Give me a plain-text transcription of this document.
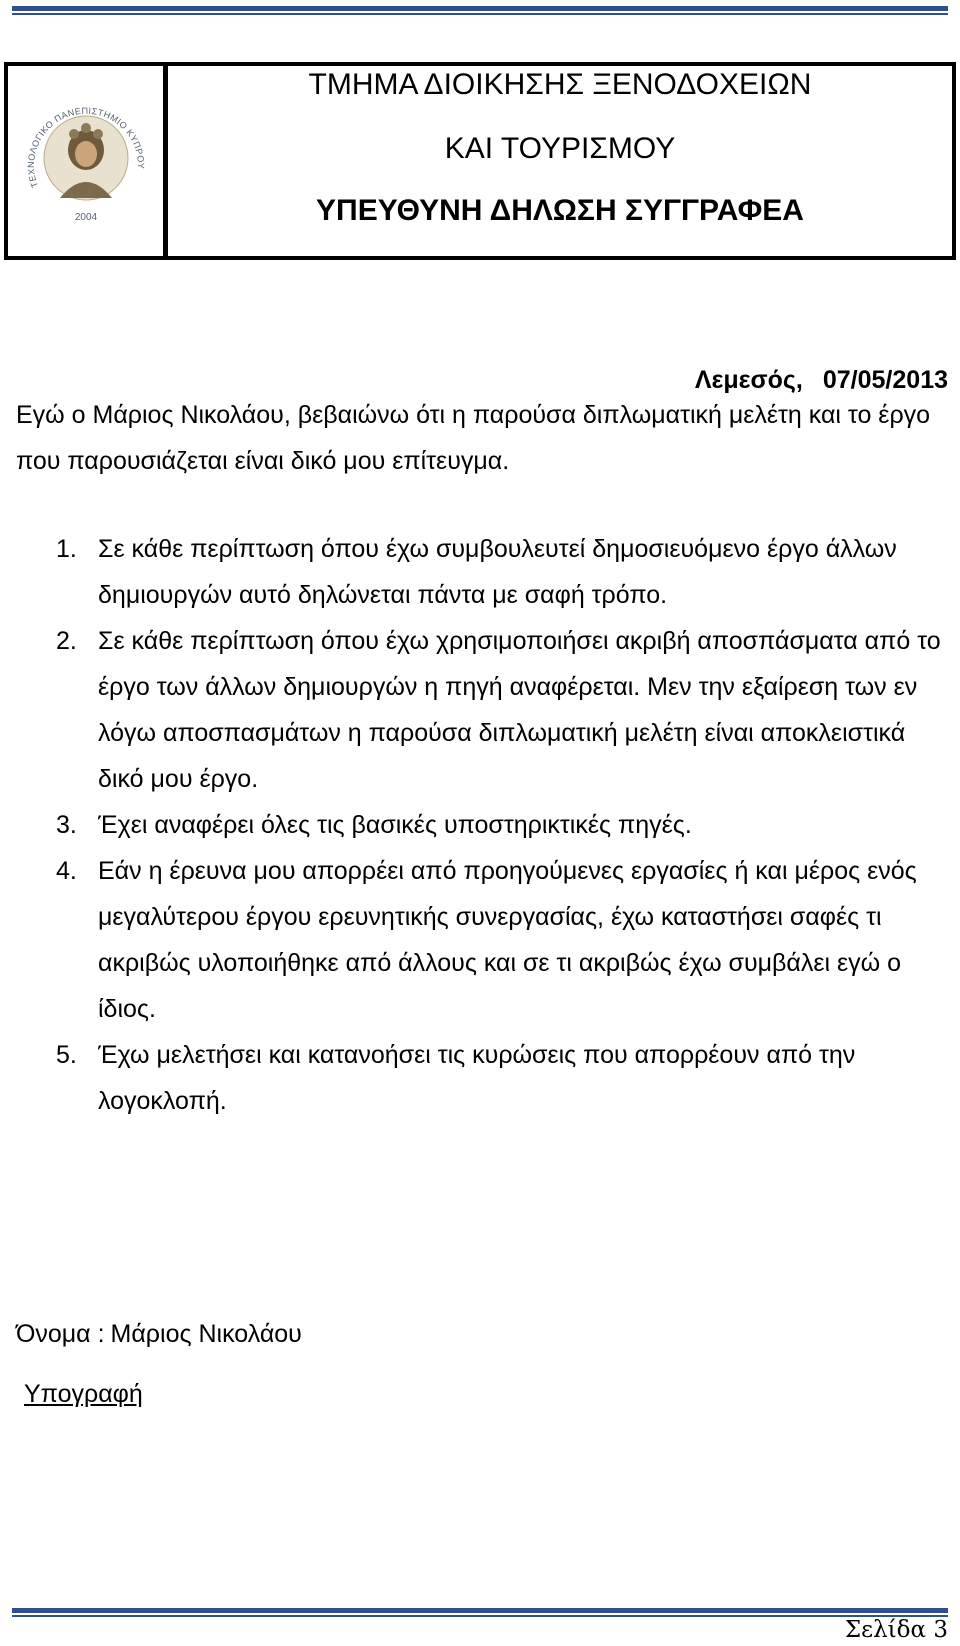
ΤΕΧΝΟΛΟΓΙΚΟ ΠΑΝΕΠΙΣΤΗΜΙΟ ΚΥΠΡΟΥ
2004
ΤΜΗΜΑ ΔΙΟΙΚΗΣΗΣ ΞΕΝΟΔΟΧΕΙΩΝ
ΚΑΙ ΤΟΥΡΙΣΜΟΥ
ΥΠΕΥΘΥΝΗ ΔΗΛΩΣΗ ΣΥΓΓΡΑΦΕΑ
Λεμεσός, 07/05/2013
Εγώ ο Μάριος Νικολάου, βεβαιώνω ότι η παρούσα διπλωματική μελέτη και το έργο που παρουσιάζεται είναι δικό μου επίτευγμα.
1. Σε κάθε περίπτωση όπου έχω συμβουλευτεί δημοσιευόμενο έργο άλλων δημιουργών αυτό δηλώνεται πάντα με σαφή τρόπο.
2. Σε κάθε περίπτωση όπου έχω χρησιμοποιήσει ακριβή αποσπάσματα από το έργο των άλλων δημιουργών η πηγή αναφέρεται. Μεν την εξαίρεση των εν λόγω αποσπασμάτων η παρούσα διπλωματική μελέτη είναι αποκλειστικά δικό μου έργο.
3. Έχει αναφέρει όλες τις βασικές υποστηρικτικές πηγές.
4. Εάν η έρευνα μου απορρέει από προηγούμενες εργασίες ή και μέρος ενός μεγαλύτερου έργου ερευνητικής συνεργασίας, έχω καταστήσει σαφές τι ακριβώς υλοποιήθηκε από άλλους και σε τι ακριβώς έχω συμβάλει εγώ ο ίδιος.
5. Έχω μελετήσει και κατανοήσει τις κυρώσεις που απορρέουν από την λογοκλοπή.
Όνομα : Μάριος Νικολάου
Υπογραφή
Σελίδα 3
